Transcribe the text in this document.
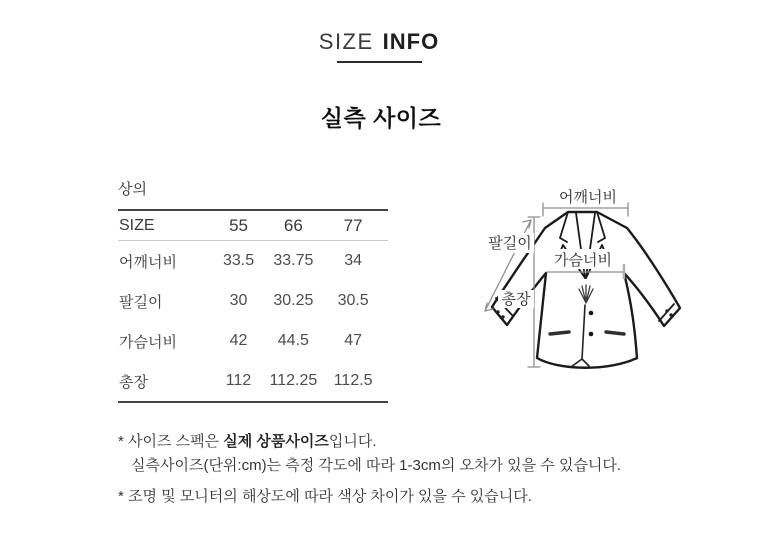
SIZE INFO
실측 사이즈
상의
SIZE	55	66	77
어깨너비	33.5	33.75	34
팔길이	30	30.25	30.5
가슴너비	42	44.5	47
총장	112	112.25	112.5
어깨너비
팔길이
가슴너비
총장
* 사이즈 스펙은 실제 상품사이즈입니다.
실측사이즈(단위:cm)는 측정 각도에 따라 1-3cm의 오차가 있을 수 있습니다.
* 조명 및 모니터의 해상도에 따라 색상 차이가 있을 수 있습니다.
